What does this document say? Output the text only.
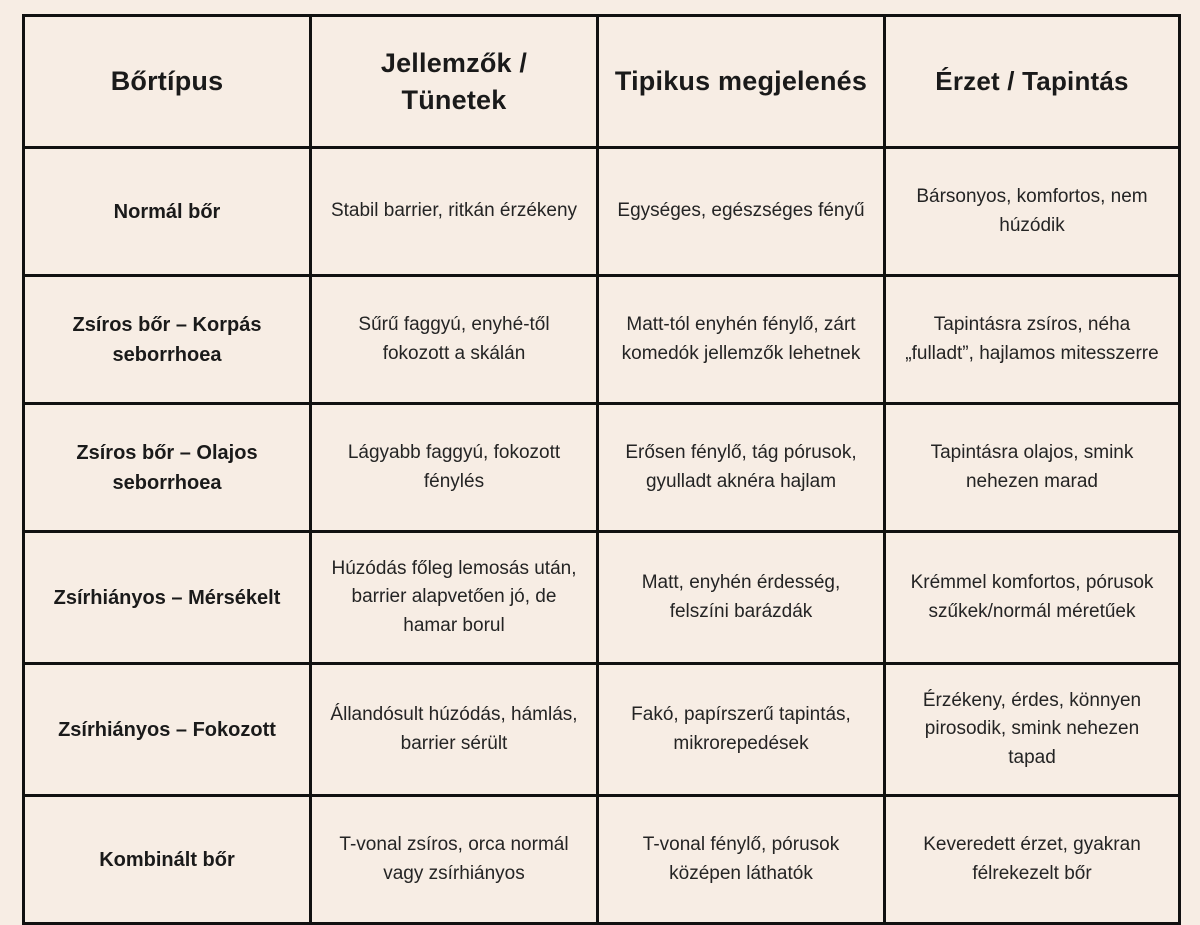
Bőrtípus	Jellemzők / Tünetek	Tipikus megjelenés	Érzet / Tapintás
Normál bőr	Stabil barrier, ritkán érzékeny	Egységes, egészséges fényű	Bársonyos, komfortos, nem húzódik
Zsíros bőr – Korpás seborrhoea	Sűrű faggyú, enyhé-től fokozott a skálán	Matt-tól enyhén fénylő, zárt komedók jellemzők lehetnek	Tapintásra zsíros, néha „fulladt”, hajlamos mitesszerre
Zsíros bőr – Olajos seborrhoea	Lágyabb faggyú, fokozott fénylés	Erősen fénylő, tág pórusok, gyulladt aknéra hajlam	Tapintásra olajos, smink nehezen marad
Zsírhiányos – Mérsékelt	Húzódás főleg lemosás után, barrier alapvetően jó, de hamar borul	Matt, enyhén érdesség, felszíni barázdák	Krémmel komfortos, pórusok szűkek/normál méretűek
Zsírhiányos – Fokozott	Állandósult húzódás, hámlás, barrier sérült	Fakó, papírszerű tapintás, mikrorepedések	Érzékeny, érdes, könnyen pirosodik, smink nehezen tapad
Kombinált bőr	T-vonal zsíros, orca normál vagy zsírhiányos	T-vonal fénylő, pórusok középen láthatók	Keveredett érzet, gyakran félrekezelt bőr
